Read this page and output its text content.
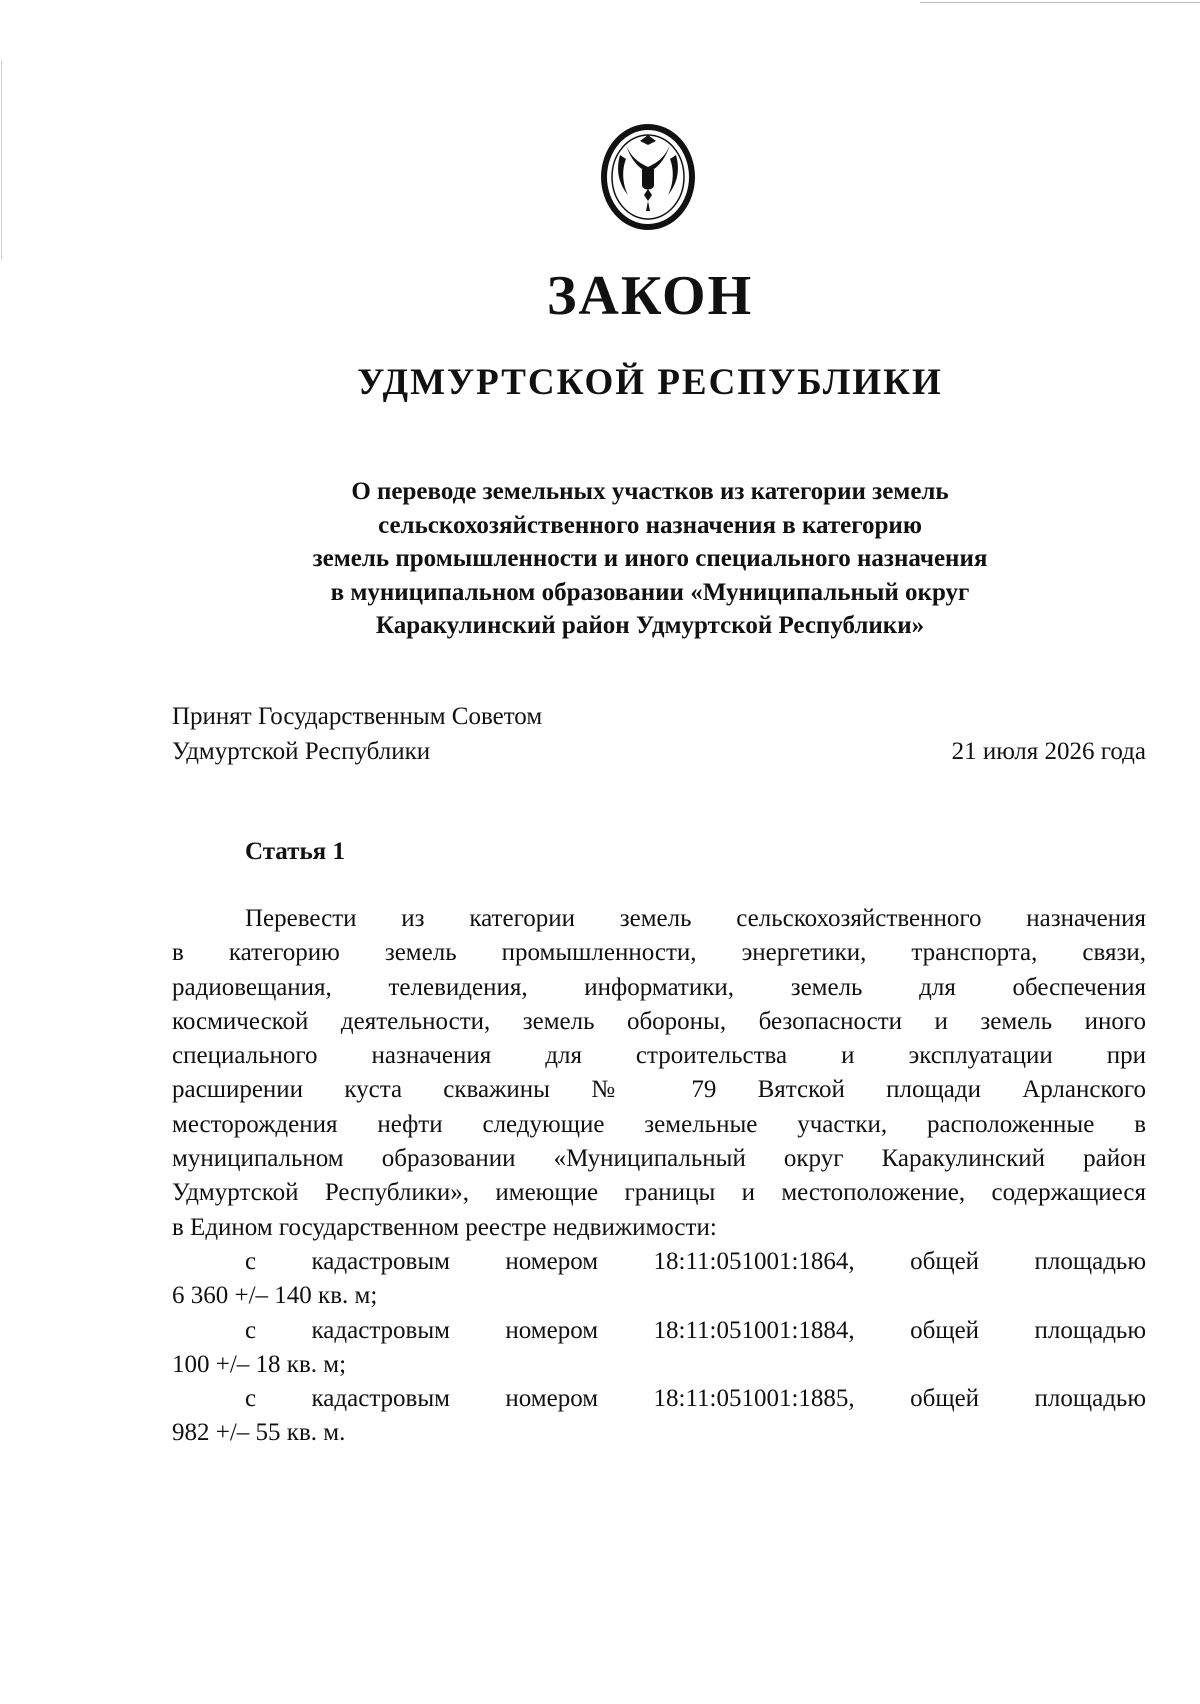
ЗАКОН
УДМУРТСКОЙ РЕСПУБЛИКИ
О переводе земельных участков из категории земель
сельскохозяйственного назначения в категорию
земель промышленности и иного специального назначения
в муниципальном образовании «Муниципальный округ
Каракулинский район Удмуртской Республики»
Принят Государственным Советом
Удмуртской Республики	21 июля 2026 года
Статья 1
Перевести из категории земель сельскохозяйственного назначения
в категорию земель промышленности, энергетики, транспорта, связи,
радиовещания, телевидения, информатики, земель для обеспечения
космической деятельности, земель обороны, безопасности и земель иного
специального назначения для строительства и эксплуатации при
расширении куста скважины № 79 Вятской площади Арланского
месторождения нефти следующие земельные участки, расположенные в
муниципальном образовании «Муниципальный округ Каракулинский район
Удмуртской Республики», имеющие границы и местоположение, содержащиеся
в Едином государственном реестре недвижимости:
с кадастровым номером 18:11:051001:1864, общей площадью
6 360 +/– 140 кв. м;
с кадастровым номером 18:11:051001:1884, общей площадью
100 +/– 18 кв. м;
с кадастровым номером 18:11:051001:1885, общей площадью
982 +/– 55 кв. м.
